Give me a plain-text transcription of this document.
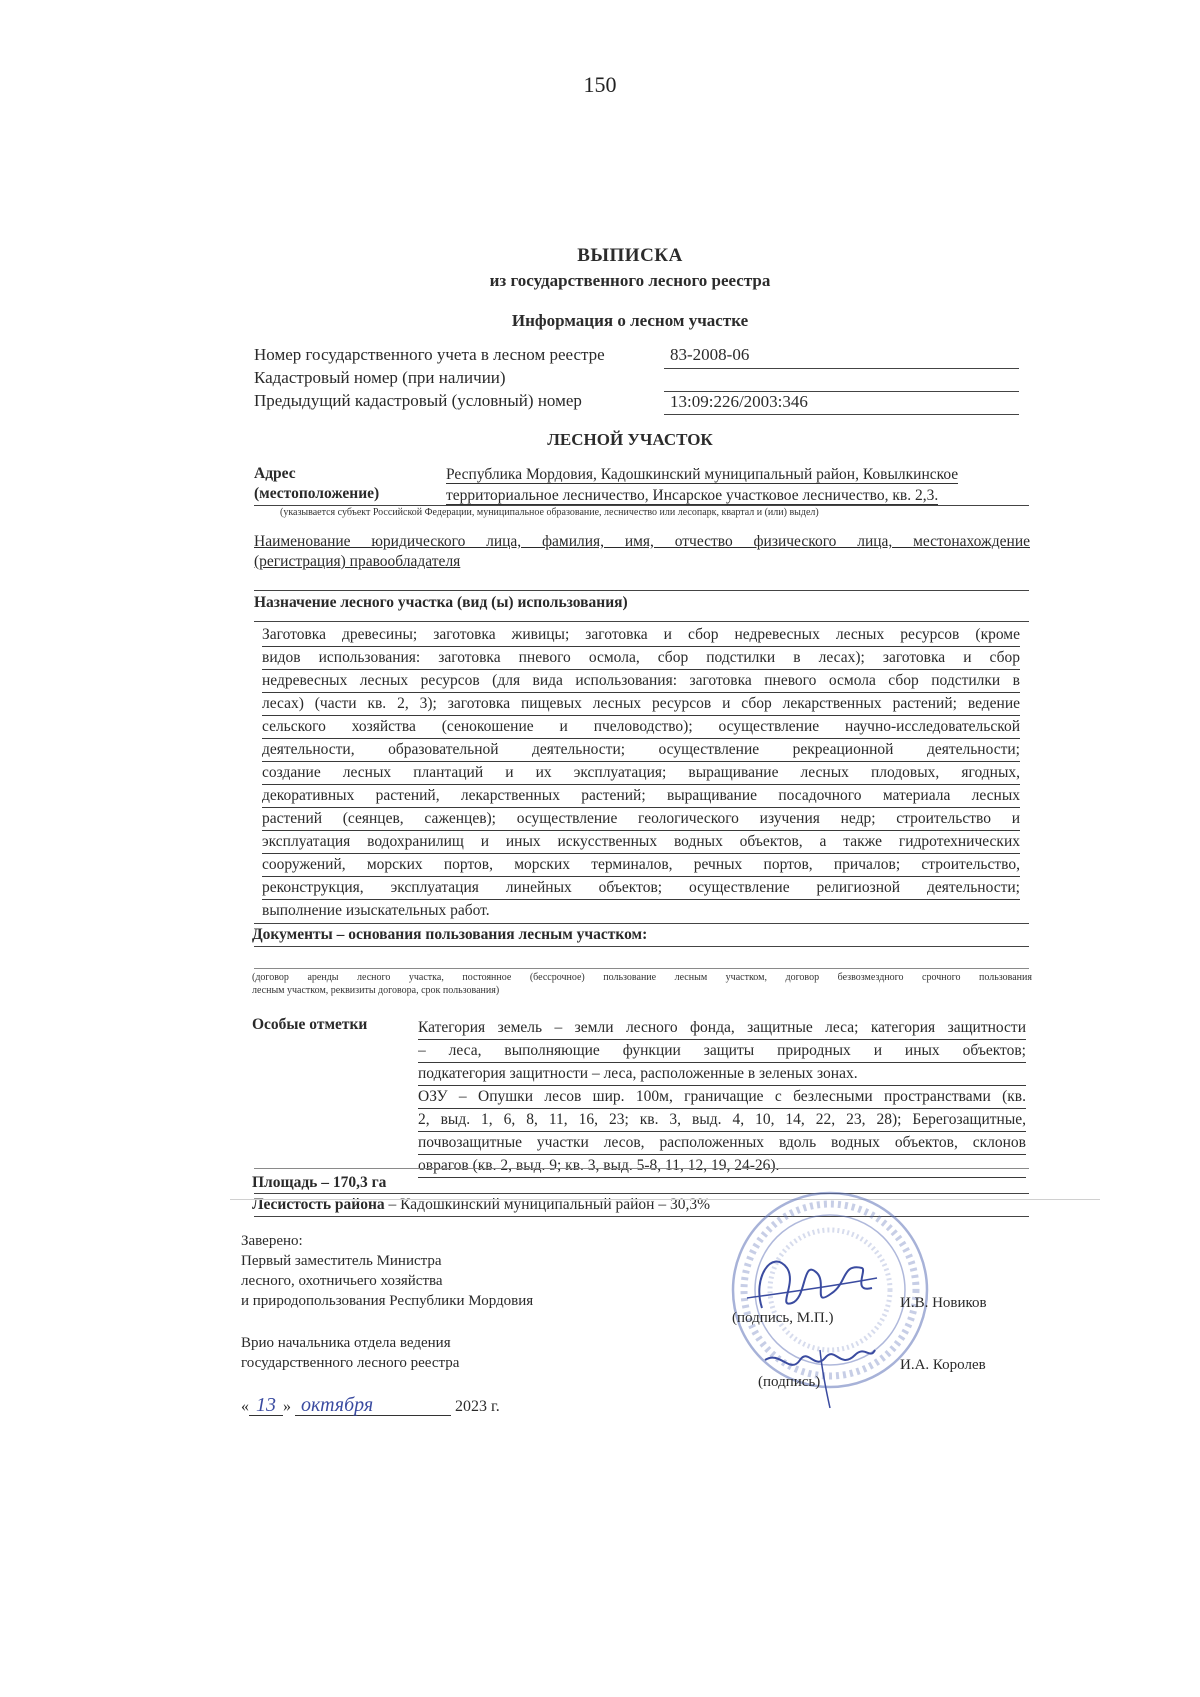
150
ВЫПИСКА
из государственного лесного реестра
Информация о лесном участке
Номер государственного учета в лесном реестре	83-2008-06
Кадастровый номер (при наличии)
Предыдущий кадастровый (условный) номер	13:09:226/2003:346
ЛЕСНОЙ УЧАСТОК
Адрес
(местоположение)
Республика Мордовия, Кадошкинский муниципальный район, Ковылкинское
территориальное лесничество, Инсарское участковое лесничество, кв. 2,3.
(указывается субъект Российской Федерации, муниципальное образование, лесничество или лесопарк, квартал и (или) выдел)
Наименование юридического лица, фамилия, имя, отчество физического лица, местонахождение
(регистрация) правообладателя
Назначение лесного участка (вид (ы) использования)
Заготовка древесины; заготовка живицы; заготовка и сбор недревесных лесных ресурсов (кроме
видов использования: заготовка пневого осмола, сбор подстилки в лесах); заготовка и сбор
недревесных лесных ресурсов (для вида использования: заготовка пневого осмола сбор подстилки в
лесах) (части кв. 2, 3); заготовка пищевых лесных ресурсов и сбор лекарственных растений; ведение
сельского хозяйства (сенокошение и пчеловодство); осуществление научно-исследовательской
деятельности, образовательной деятельности; осуществление рекреационной деятельности;
создание лесных плантаций и их эксплуатация; выращивание лесных плодовых, ягодных,
декоративных растений, лекарственных растений; выращивание посадочного материала лесных
растений (сеянцев, саженцев); осуществление геологического изучения недр; строительство и
эксплуатация водохранилищ и иных искусственных водных объектов, а также гидротехнических
сооружений, морских портов, морских терминалов, речных портов, причалов; строительство,
реконструкция, эксплуатация линейных объектов; осуществление религиозной деятельности;
выполнение изыскательных работ.
Документы – основания пользования лесным участком:
(договор аренды лесного участка, постоянное (бессрочное) пользование лесным участком, договор безвозмездного срочного пользования
лесным участком, реквизиты договора, срок пользования)
Особые отметки	Категория земель – земли лесного фонда, защитные леса; категория защитности
– леса, выполняющие функции защиты природных и иных объектов;
подкатегория защитности – леса, расположенные в зеленых зонах.
ОЗУ – Опушки лесов шир. 100м, граничащие с безлесными пространствами (кв.
2, выд. 1, 6, 8, 11, 16, 23; кв. 3, выд. 4, 10, 14, 22, 23, 28); Берегозащитные,
почвозащитные участки лесов, расположенных вдоль водных объектов, склонов
оврагов (кв. 2, выд. 9; кв. 3, выд. 5-8, 11, 12, 19, 24-26).
Площадь – 170,3 га
Лесистость района – Кадошкинский муниципальный район – 30,3%
Заверено:
Первый заместитель Министра
лесного, охотничьего хозяйства
и природопользования Республики Мордовия
Врио начальника отдела ведения
государственного лесного реестра
(подпись, М.П.)
И.В. Новиков
(подпись)
И.А. Королев
« 13 » октября	2023 г.
